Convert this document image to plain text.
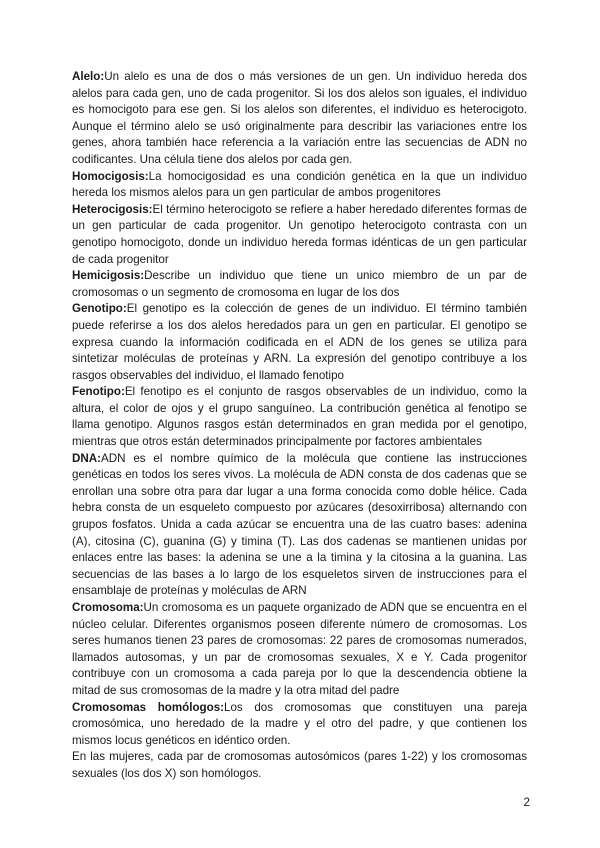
Alelo:Un alelo es una de dos o más versiones de un gen. Un individuo hereda dos alelos para cada gen, uno de cada progenitor. Si los dos alelos son iguales, el individuo es homocigoto para ese gen. Si los alelos son diferentes, el individuo es heterocigoto. Aunque el término alelo se usó originalmente para describir las variaciones entre los genes, ahora también hace referencia a la variación entre las secuencias de ADN no codificantes. Una célula tiene dos alelos por cada gen.

Homocigosis:La homocigosidad es una condición genética en la que un individuo hereda los mismos alelos para un gen particular de ambos progenitores

Heterocigosis:El término heterocigoto se refiere a haber heredado diferentes formas de un gen particular de cada progenitor. Un genotipo heterocigoto contrasta con un genotipo homocigoto, donde un individuo hereda formas idénticas de un gen particular de cada progenitor

Hemicigosis:Describe un individuo que tiene un unico miembro de un par de cromosomas o un segmento de cromosoma en lugar de los dos

Genotipo:El genotipo es la colección de genes de un individuo. El término también puede referirse a los dos alelos heredados para un gen en particular. El genotipo se expresa cuando la información codificada en el ADN de los genes se utiliza para sintetizar moléculas de proteínas y ARN. La expresión del genotipo contribuye a los rasgos observables del individuo, el llamado fenotipo

Fenotipo:El fenotipo es el conjunto de rasgos observables de un individuo, como la altura, el color de ojos y el grupo sanguíneo. La contribución genética al fenotipo se llama genotipo. Algunos rasgos están determinados en gran medida por el genotipo, mientras que otros están determinados principalmente por factores ambientales

DNA:ADN es el nombre químico de la molécula que contiene las instrucciones genéticas en todos los seres vivos. La molécula de ADN consta de dos cadenas que se enrollan una sobre otra para dar lugar a una forma conocida como doble hélice. Cada hebra consta de un esqueleto compuesto por azúcares (desoxirribosa) alternando con grupos fosfatos. Unida a cada azúcar se encuentra una de las cuatro bases: adenina (A), citosina (C), guanina (G) y timina (T). Las dos cadenas se mantienen unidas por enlaces entre las bases: la adenina se une a la timina y la citosina a la guanina. Las secuencias de las bases a lo largo de los esqueletos sirven de instrucciones para el ensamblaje de proteínas y moléculas de ARN

Cromosoma:Un cromosoma es un paquete organizado de ADN que se encuentra en el núcleo celular. Diferentes organismos poseen diferente número de cromosomas. Los seres humanos tienen 23 pares de cromosomas: 22 pares de cromosomas numerados, llamados autosomas, y un par de cromosomas sexuales, X e Y. Cada progenitor contribuye con un cromosoma a cada pareja por lo que la descendencia obtiene la mitad de sus cromosomas de la madre y la otra mitad del padre

Cromosomas homólogos:Los dos cromosomas que constituyen una pareja cromosómica, uno heredado de la madre y el otro del padre, y que contienen los mismos locus genéticos en idéntico orden.

En las mujeres, cada par de cromosomas autosómicos (pares 1-22) y los cromosomas sexuales (los dos X) son homólogos.

2
